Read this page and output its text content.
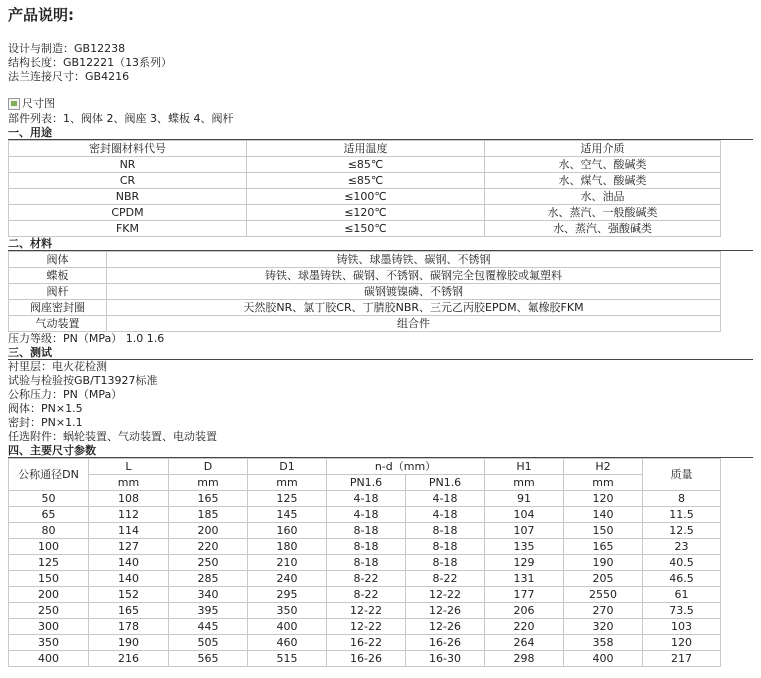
产品说明:
设计与制造：GB12238
结构长度：GB12221（13系列）
法兰连接尺寸：GB4216
尺寸图
部件列表：1、阀体 2、阀座 3、蝶板 4、阀杆
一、用途
密封圈材料代号	适用温度	适用介质
NR	≤85℃	水、空气、酸碱类
CR	≤85℃	水、煤气、酸碱类
NBR	≤100℃	水、油品
CPDM	≤120℃	水、蒸汽、一般酸碱类
FKM	≤150℃	水、蒸汽、强酸碱类
二、材料
阀体	铸铁、球墨铸铁、碳钢、不锈钢
蝶板	铸铁、球墨铸铁、碳钢、不锈钢、碳钢完全包覆橡胶或氟塑料
阀杆	碳钢镀镍磷、不锈钢
阀座密封圈	天然胶NR、氯丁胶CR、丁腈胶NBR、三元乙丙胶EPDM、氟橡胶FKM
气动装置	组合件
压力等级：PN（MPa） 1.0 1.6
三、测试
衬里层：电火花检测
试验与检验按GB/T13927标准
公称压力：PN（MPa）
阀体：PN×1.5
密封：PN×1.1
任选附件：蜗轮装置、气动装置、电动装置
四、主要尺寸参数
公称通径DN	L	D	D1	n-d（mm）		H1	H2	质量
	mm	mm	mm	PN1.6	PN1.6	mm	mm	
50	108	165	125	4-18	4-18	91	120	8
65	112	185	145	4-18	4-18	104	140	11.5
80	114	200	160	8-18	8-18	107	150	12.5
100	127	220	180	8-18	8-18	135	165	23
125	140	250	210	8-18	8-18	129	190	40.5
150	140	285	240	8-22	8-22	131	205	46.5
200	152	340	295	8-22	12-22	177	2550	61
250	165	395	350	12-22	12-26	206	270	73.5
300	178	445	400	12-22	12-26	220	320	103
350	190	505	460	16-22	16-26	264	358	120
400	216	565	515	16-26	16-30	298	400	217
